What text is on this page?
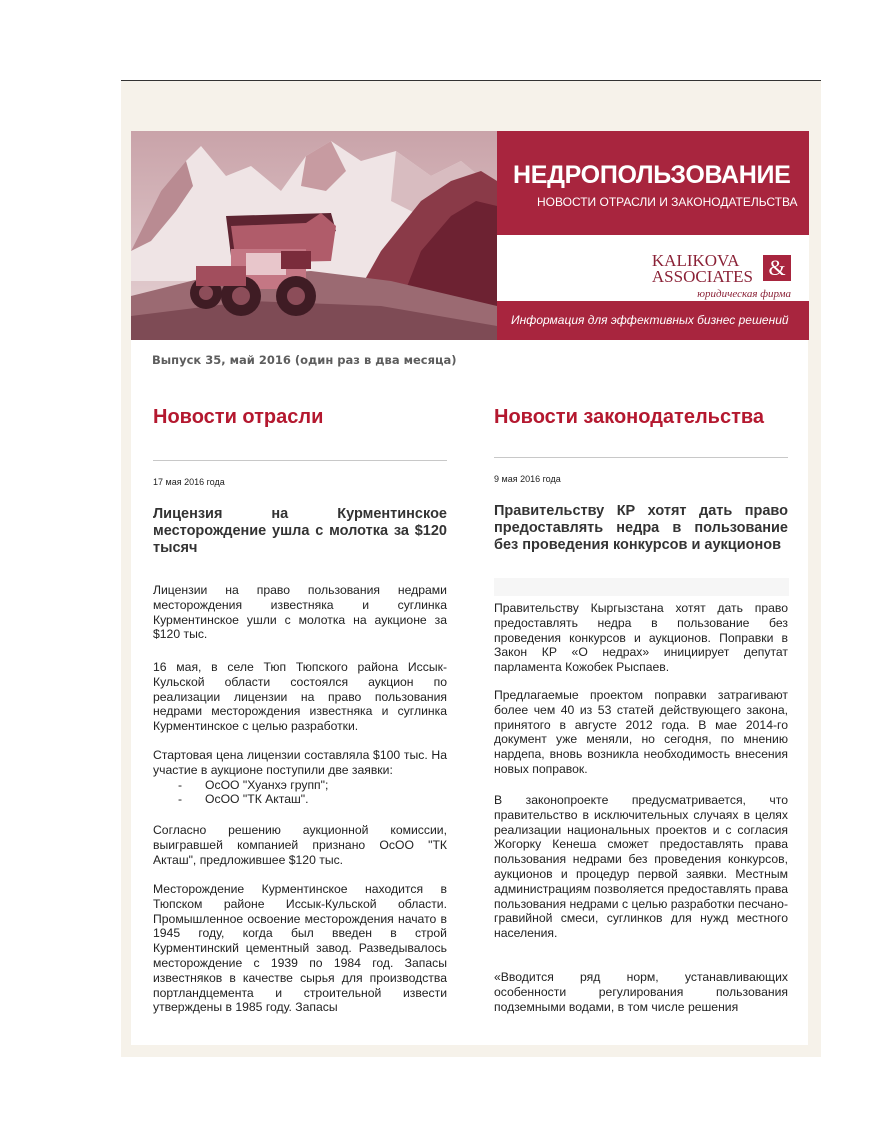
НЕДРОПОЛЬЗОВАНИЕ
НОВОСТИ ОТРАСЛИ И ЗАКОНОДАТЕЛЬСТВА
KALIKOVA
ASSOCIATES &
юридическая фирма
Информация для эффективных бизнес решений
Выпуск 35, май 2016 (один раз в два месяца)
Новости отрасли
17 мая 2016 года
Лицензия на Курментинское месторождение ушла с молотка за $120 тысяч
Лицензии на право пользования недрами месторождения известняка и суглинка Курментинское ушли с молотка на аукционе за $120 тыс.
16 мая, в селе Тюп Тюпского района Иссык-Кульской области состоялся аукцион по реализации лицензии на право пользования недрами месторождения известняка и суглинка Курментинское с целью разработки.

Стартовая цена лицензии составляла $100 тыс. На участие в аукционе поступили две заявки:

- ОсОО "Хуанхэ групп";
- ОсОО "ТК Акташ".
Согласно решению аукционной комиссии, выигравшей компанией признано ОсОО "ТК Акташ", предложившее $120 тыс.
Месторождение Курментинское находится в Тюпском районе Иссык-Кульской области. Промышленное освоение месторождения начато в 1945 году, когда был введен в строй Курментинский цементный завод. Разведывалось месторождение с 1939 по 1984 год. Запасы известняков в качестве сырья для производства портландцемента и строительной извести утверждены в 1985 году. Запасы
Новости законодательства
9 мая 2016 года
Правительству КР хотят дать право предоставлять недра в пользование без проведения конкурсов и аукционов
Правительству Кыргызстана хотят дать право предоставлять недра в пользование без проведения конкурсов и аукционов. Поправки в Закон КР «О недрах» инициирует депутат парламента Кожобек Рыспаев.
Предлагаемые проектом поправки затрагивают более чем 40 из 53 статей действующего закона, принятого в августе 2012 года. В мае 2014-го документ уже меняли, но сегодня, по мнению нардепа, вновь возникла необходимость внесения новых поправок.
В законопроекте предусматривается, что правительство в исключительных случаях в целях реализации национальных проектов и с согласия Жогорку Кенеша сможет предоставлять права пользования недрами без проведения конкурсов, аукционов и процедур первой заявки. Местным администрациям позволяется предоставлять права пользования недрами с целью разработки песчано-гравийной смеси, суглинков для нужд местного населения.
«Вводится ряд норм, устанавливающих особенности регулирования пользования подземными водами, в том числе решения
